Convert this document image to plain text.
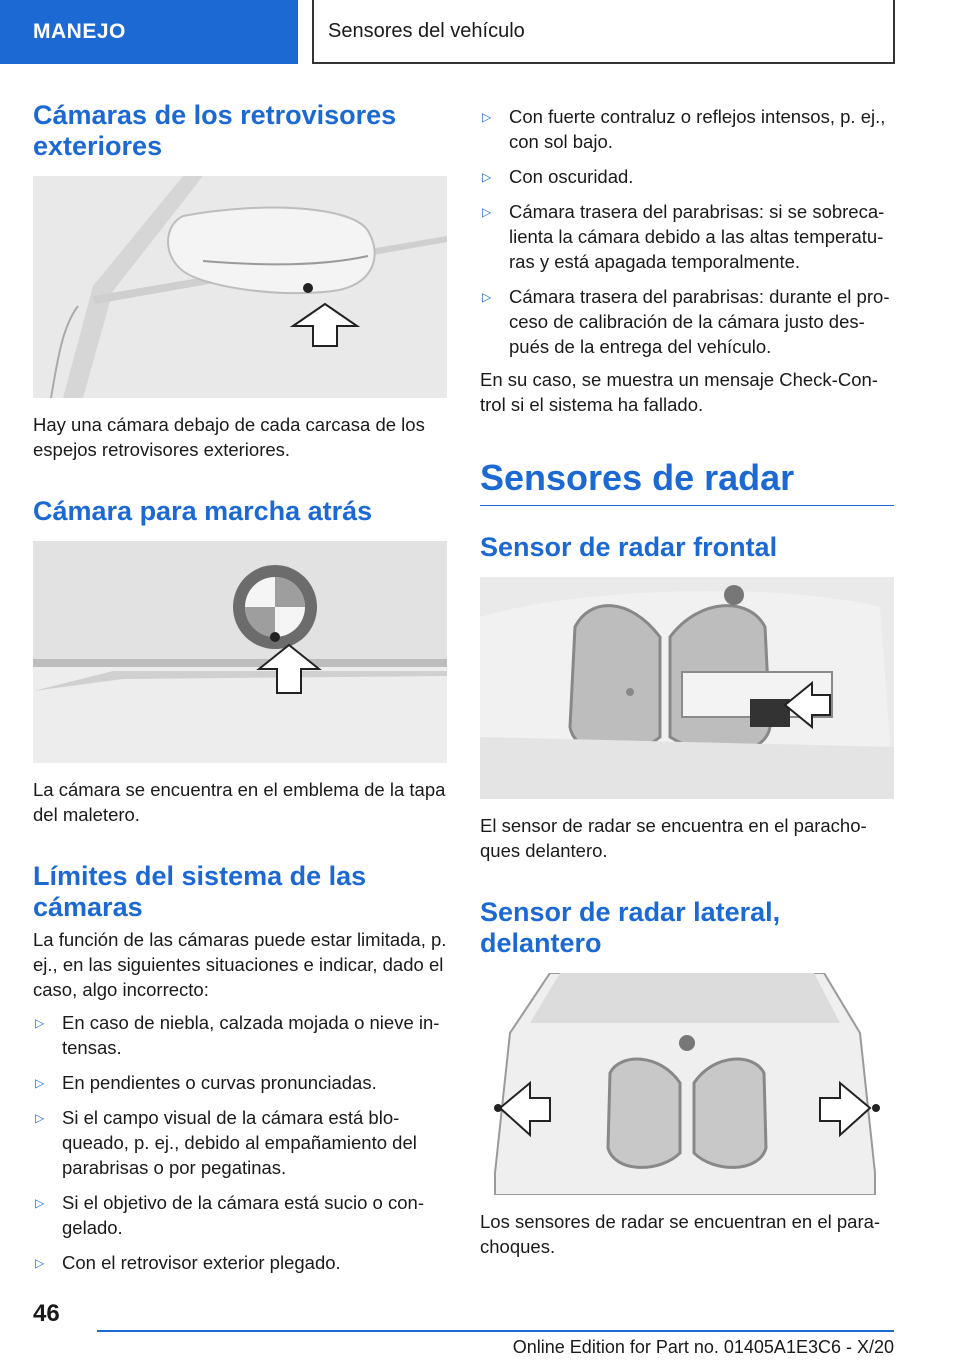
MANEJO	Sensores del vehículo
Cámaras de los retrovisores exteriores

Hay una cámara debajo de cada carcasa de los espejos retrovisores exteriores.

Cámara para marcha atrás

La cámara se encuentra en el emblema de la tapa del maletero.

Límites del sistema de las cámaras

La función de las cámaras puede estar limitada, p. ej., en las siguientes situaciones e indicar, dado el caso, algo incorrecto:

▷ En caso de niebla, calzada mojada o nieve intensas.
▷ En pendientes o curvas pronunciadas.
▷ Si el campo visual de la cámara está bloqueado, p. ej., debido al empañamiento del parabrisas o por pegatinas.
▷ Si el objetivo de la cámara está sucio o congelado.
▷ Con el retrovisor exterior plegado.
▷ Con fuerte contraluz o reflejos intensos, p. ej., con sol bajo.
▷ Con oscuridad.
▷ Cámara trasera del parabrisas: si se sobrecalienta la cámara debido a las altas temperaturas y está apagada temporalmente.
▷ Cámara trasera del parabrisas: durante el proceso de calibración de la cámara justo después de la entrega del vehículo.

En su caso, se muestra un mensaje Check-Control si el sistema ha fallado.

Sensores de radar
Sensor de radar frontal

El sensor de radar se encuentra en el parachoques delantero.

Sensor de radar lateral, delantero

Los sensores de radar se encuentran en el parachoques.

46
Online Edition for Part no. 01405A1E3C6 - X/20
